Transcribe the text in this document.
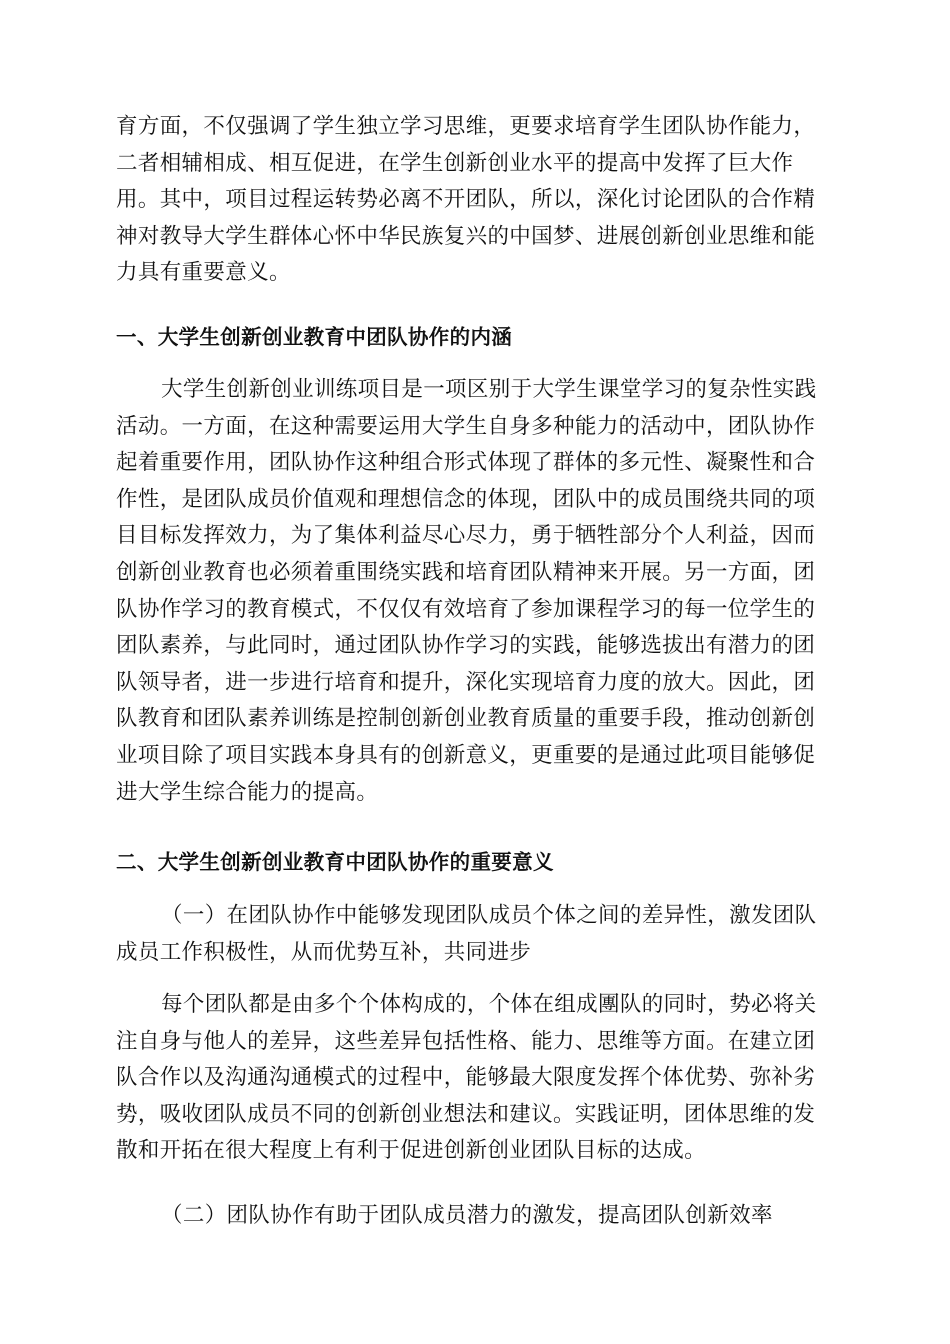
育方面，不仅强调了学生独立学习思维，更要求培育学生团队协作能力，
二者相辅相成、相互促进，在学生创新创业水平的提高中发挥了巨大作
用。其中，项目过程运转势必离不开团队，所以，深化讨论团队的合作精
神对教导大学生群体心怀中华民族复兴的中国梦、进展创新创业思维和能
力具有重要意义。
一、大学生创新创业教育中团队协作的内涵
大学生创新创业训练项目是一项区别于大学生课堂学习的复杂性实践
活动。一方面，在这种需要运用大学生自身多种能力的活动中，团队协作
起着重要作用，团队协作这种组合形式体现了群体的多元性、凝聚性和合
作性，是团队成员价值观和理想信念的体现，团队中的成员围绕共同的项
目目标发挥效力，为了集体利益尽心尽力，勇于牺牲部分个人利益，因而
创新创业教育也必须着重围绕实践和培育团队精神来开展。另一方面，团
队协作学习的教育模式，不仅仅有效培育了参加课程学习的每一位学生的
团队素养，与此同时，通过团队协作学习的实践，能够选拔出有潜力的团
队领导者，进一步进行培育和提升，深化实现培育力度的放大。因此，团
队教育和团队素养训练是控制创新创业教育质量的重要手段，推动创新创
业项目除了项目实践本身具有的创新意义，更重要的是通过此项目能够促
进大学生综合能力的提高。
二、大学生创新创业教育中团队协作的重要意义
（一）在团队协作中能够发现团队成员个体之间的差异性，激发团队
成员工作积极性，从而优势互补，共同进步
每个团队都是由多个个体构成的，个体在组成團队的同时，势必将关
注自身与他人的差异，这些差异包括性格、能力、思维等方面。在建立团
队合作以及沟通沟通模式的过程中，能够最大限度发挥个体优势、弥补劣
势，吸收团队成员不同的创新创业想法和建议。实践证明，团体思维的发
散和开拓在很大程度上有利于促进创新创业团队目标的达成。
（二）团队协作有助于团队成员潜力的激发，提高团队创新效率
